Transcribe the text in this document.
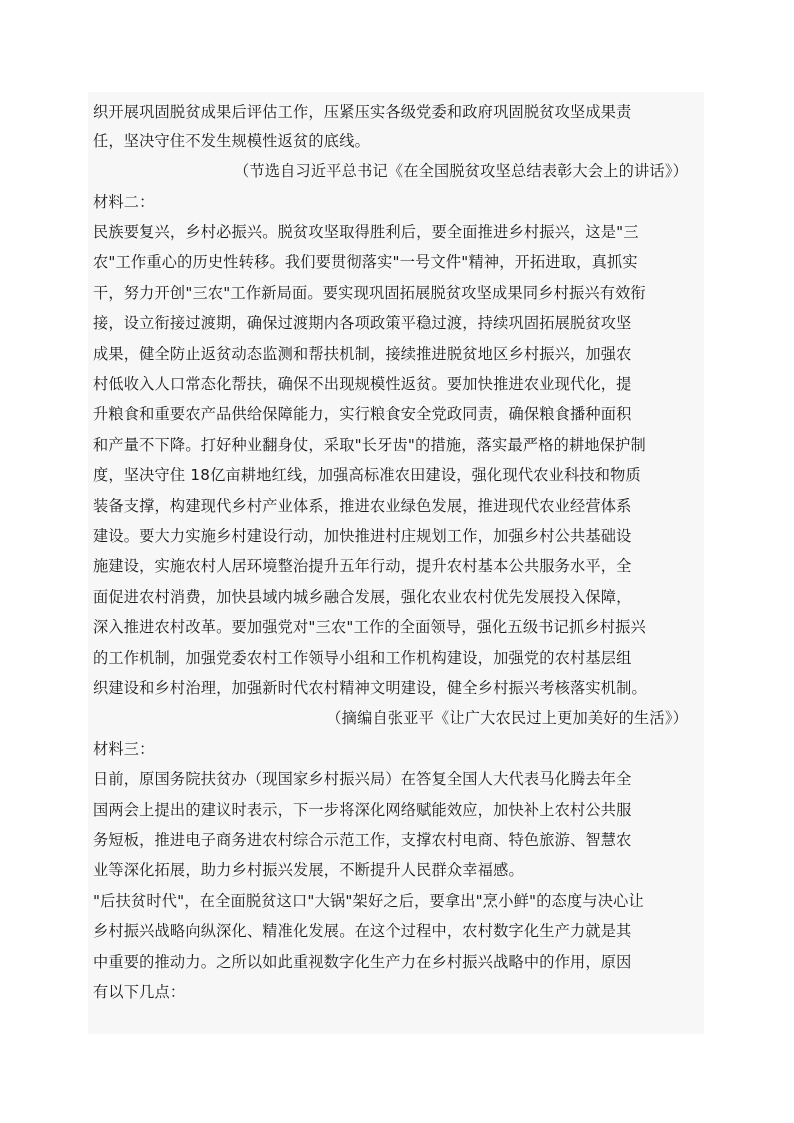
织开展巩固脱贫成果后评估工作，压紧压实各级党委和政府巩固脱贫攻坚成果责
任，坚决守住不发生规模性返贫的底线。
（节选自习近平总书记《在全国脱贫攻坚总结表彰大会上的讲话》）
材料二：
民族要复兴，乡村必振兴。脱贫攻坚取得胜利后，要全面推进乡村振兴，这是"三
农"工作重心的历史性转移。我们要贯彻落实"一号文件"精神，开拓进取，真抓实
干，努力开创"三农"工作新局面。要实现巩固拓展脱贫攻坚成果同乡村振兴有效衔
接，设立衔接过渡期，确保过渡期内各项政策平稳过渡，持续巩固拓展脱贫攻坚
成果，健全防止返贫动态监测和帮扶机制，接续推进脱贫地区乡村振兴，加强农
村低收入人口常态化帮扶，确保不出现规模性返贫。要加快推进农业现代化，提
升粮食和重要农产品供给保障能力，实行粮食安全党政同责，确保粮食播种面积
和产量不下降。打好种业翻身仗，采取"长牙齿"的措施，落实最严格的耕地保护制
度，坚决守住 18亿亩耕地红线，加强高标准农田建设，强化现代农业科技和物质
装备支撑，构建现代乡村产业体系，推进农业绿色发展，推进现代农业经营体系
建设。要大力实施乡村建设行动，加快推进村庄规划工作，加强乡村公共基础设
施建设，实施农村人居环境整治提升五年行动，提升农村基本公共服务水平，全
面促进农村消费，加快县域内城乡融合发展，强化农业农村优先发展投入保障，
深入推进农村改革。要加强党对"三农"工作的全面领导，强化五级书记抓乡村振兴
的工作机制，加强党委农村工作领导小组和工作机构建设，加强党的农村基层组
织建设和乡村治理，加强新时代农村精神文明建设，健全乡村振兴考核落实机制。
（摘编自张亚平《让广大农民过上更加美好的生活》）
材料三：
日前，原国务院扶贫办（现国家乡村振兴局）在答复全国人大代表马化腾去年全
国两会上提出的建议时表示，下一步将深化网络赋能效应，加快补上农村公共服
务短板，推进电子商务进农村综合示范工作，支撑农村电商、特色旅游、智慧农
业等深化拓展，助力乡村振兴发展，不断提升人民群众幸福感。
"后扶贫时代"，在全面脱贫这口"大锅"架好之后，要拿出"烹小鲜"的态度与决心让
乡村振兴战略向纵深化、精准化发展。在这个过程中，农村数字化生产力就是其
中重要的推动力。之所以如此重视数字化生产力在乡村振兴战略中的作用，原因
有以下几点：
